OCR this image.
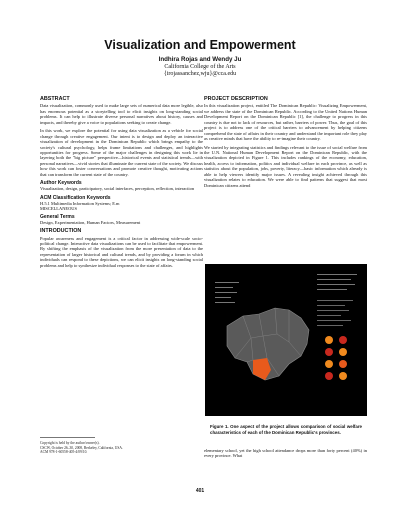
Visualization and Empowerment
Indhira Rojas and Wendy Ju
California College of the Arts
{irojassanchez,wju}@cca.edu
ABSTRACT

Data visualization, commonly used to make large sets of numerical data more legible, also has enormous potential as a storytelling tool to elicit insights on long-standing social problems. It can help to illustrate diverse personal narratives about history, causes and impacts, and thereby give a voice to populations seeking to create change.

In this work, we explore the potential for using data visualization as a vehicle for social change through creative engagement. Our intent is to design and deploy an interactive visualization of development in the Dominican Republic which brings empathy to the society's cultural psychology, helps frame limitations and challenges, and highlights opportunities for progress. Some of the major challenges in designing this work lie in layering both the "big picture" perspective—historical events and statistical trends—with personal narratives—vivid stories that illuminate the current state of the society. We discuss how this work can foster conversations and promote creative thought, motivating actions that can transform the current state of the country.

Author Keywords

Visualization, design, participatory, social interfaces, perception, reflection, interaction

ACM Classification Keywords
H.5.1 Multimedia Information Systems; E.m
MISCELLANEOUS
General Terms

Design, Experimentation, Human Factors, Measurement

INTRODUCTION

Popular awareness and engagement is a critical factor in addressing wide-scale socio-political change. Interactive data visualizations can be used to facilitate that empowerment. By shifting the emphasis of the visualization from the more presentation of data to the representation of larger historical and cultural trends, and by providing a forum in which individuals can respond to these depictions, we can elicit insights on long-standing social problems and help to synthesize individual responses to the state of affairs.

Copyright is held by the author/owner(s).
CSCW, October 26–30, 2008, Berkeley, California, USA.
ACM 978-1-60558-405-4/09/10.
PROJECT DESCRIPTION

In this visualization project, entitled The Dominican Republic: Visualizing Empowerment, we address the state of the Dominican Republic. According to the United Nations Human Development Report on the Dominican Republic [1], the challenge to progress in this country is due not to lack of resources, but rather, barriers of power. Thus, the goal of this project is to address one of the critical barriers to advancement by helping citizens comprehend the state of affairs in their country and understand the important role they play as creative minds that have the ability to re-imagine their country.

We started by integrating statistics and findings relevant to the issue of social welfare from the U.N. National Human Development Report on the Dominican Republic, with the visualization depicted in Figure 1. This includes rankings of the economy, education, health, access to information, politics and individual welfare in each province, as well as statistics about the population, jobs, poverty, literacy—basic information which already is able to help viewers identify major issues. A revealing insight achieved through this visualization relates to education. We were able to find patterns that suggest that most Dominican citizens attend

Figure 1. One aspect of the project allows comparison of social welfare characteristics of each of the Dominican Republic's provinces.

elementary school, yet the high school attendance drops more than forty percent (40%) in every province. What

401
